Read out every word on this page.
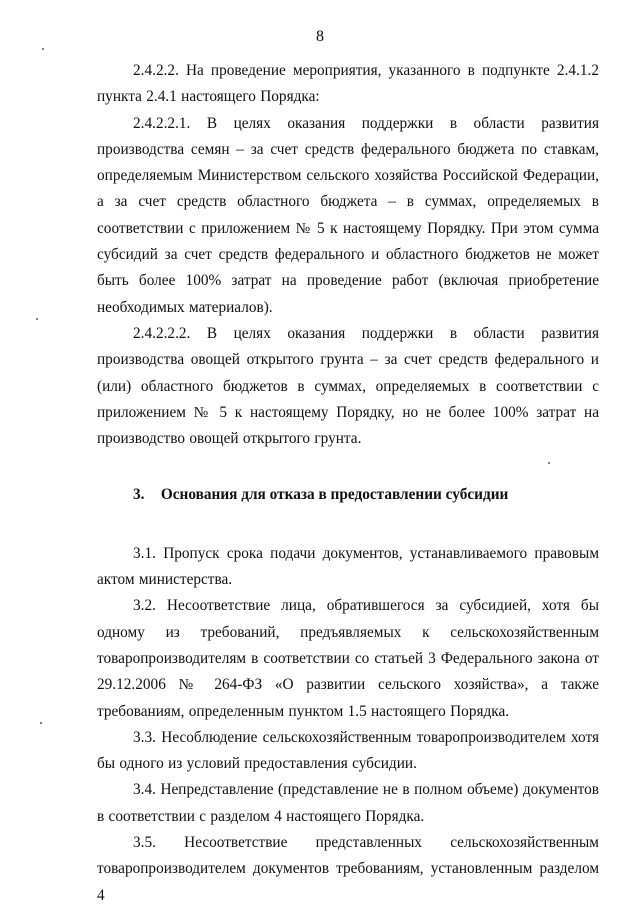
8

2.4.2.2. На проведение мероприятия, указанного в подпункте 2.4.1.2 пункта 2.4.1 настоящего Порядка:

2.4.2.2.1. В целях оказания поддержки в области развития производства семян – за счет средств федерального бюджета по ставкам, определяемым Министерством сельского хозяйства Российской Федерации, а за счет средств областного бюджета – в суммах, определяемых в соответствии с приложением № 5 к настоящему Порядку. При этом сумма субсидий за счет средств федерального и областного бюджетов не может быть более 100% затрат на проведение работ (включая приобретение необходимых материалов).

2.4.2.2.2. В целях оказания поддержки в области развития производства овощей открытого грунта – за счет средств федерального и (или) областного бюджетов в суммах, определяемых в соответствии с приложением № 5 к настоящему Порядку, но не более 100% затрат на производство овощей открытого грунта.

3. Основания для отказа в предоставлении субсидии

3.1. Пропуск срока подачи документов, устанавливаемого правовым актом министерства.

3.2. Несоответствие лица, обратившегося за субсидией, хотя бы одному из требований, предъявляемых к сельскохозяйственным товаропроизводителям в соответствии со статьей 3 Федерального закона от 29.12.2006 № 264-ФЗ «О развитии сельского хозяйства», а также требованиям, определенным пунктом 1.5 настоящего Порядка.

3.3. Несоблюдение сельскохозяйственным товаропроизводителем хотя бы одного из условий предоставления субсидии.

3.4. Непредставление (представление не в полном объеме) документов в соответствии с разделом 4 настоящего Порядка.

3.5. Несоответствие представленных сельскохозяйственным товаропроизводителем документов требованиям, установленным разделом 4
